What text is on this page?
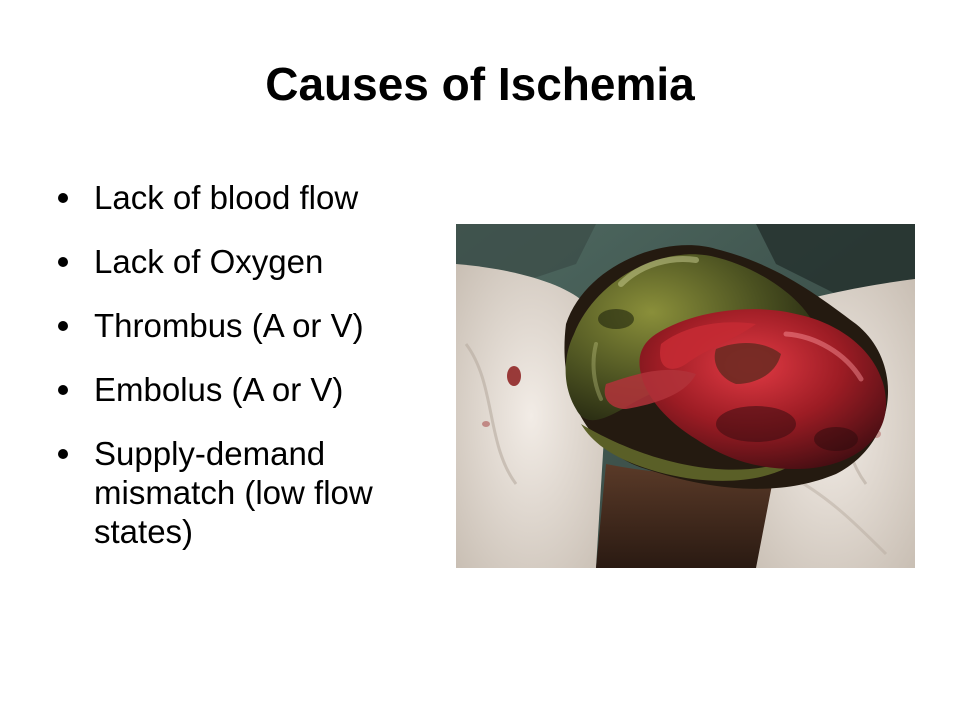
Causes of Ischemia
Lack of blood flow
Lack of Oxygen
Thrombus (A or V)
Embolus (A or V)
Supply-demand mismatch (low flow states)
